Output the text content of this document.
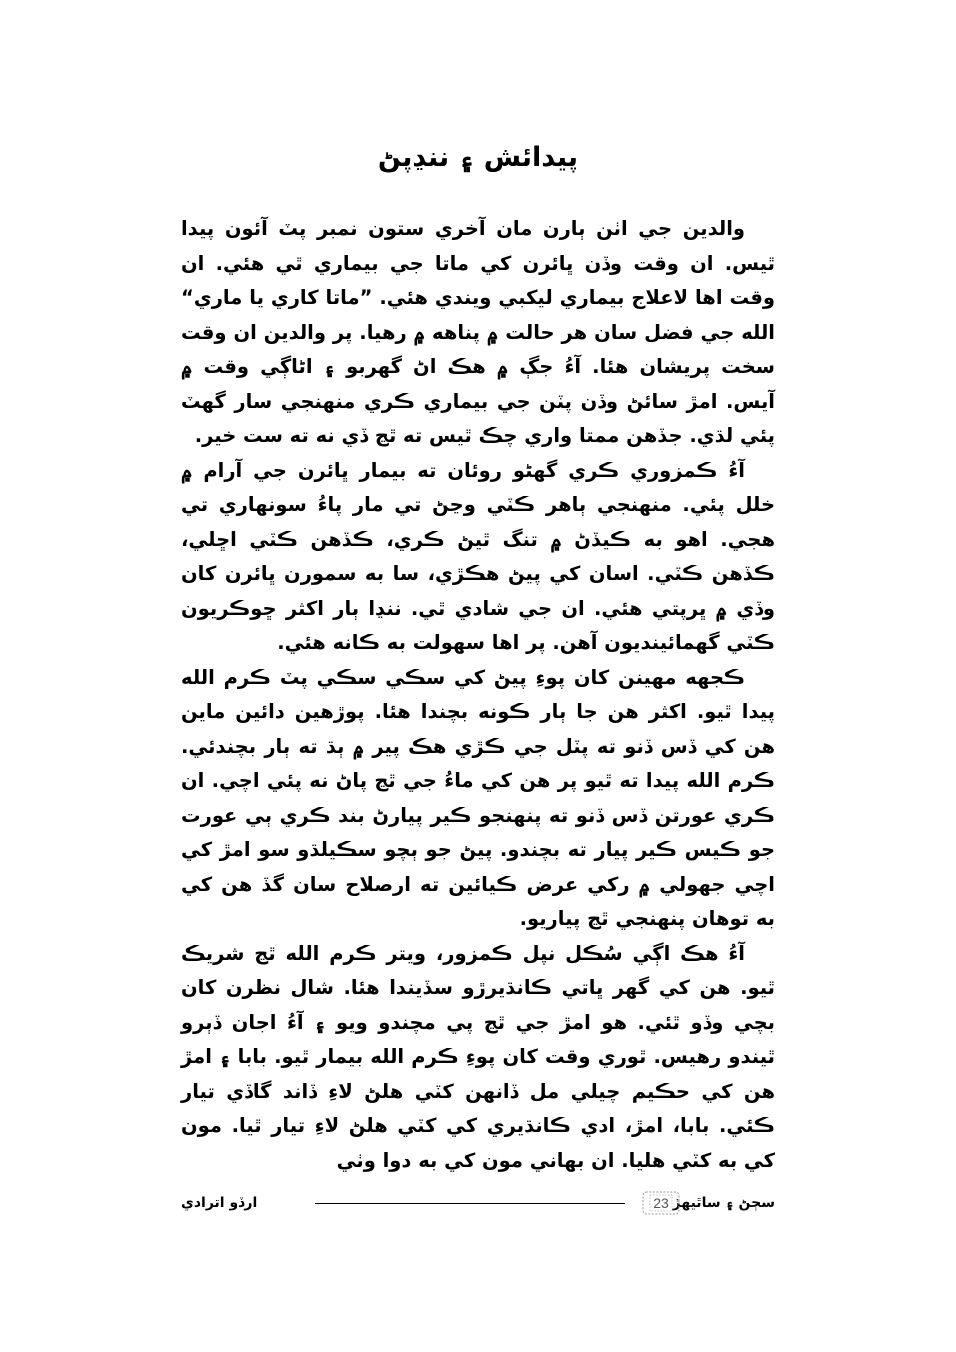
پيدائش ۽ ننڍپڻ

والدين جي اٺن ٻارن مان آخري ستون نمبر پٽ آئون پيدا ٿيس. ان وقت وڏن ڀائرن کي ماتا جي بيماري ٿي هئي. ان وقت اها لاعلاج بيماري ليکبي ويندي هئي. ”ماتا کاري يا ماري“ الله جي فضل سان هر حالت ۾ پناهه ۾ رهيا. پر والدين ان وقت سخت پريشان هئا. آءُ جڳ ۾ هڪ اڻ گهربو ۽ اڻاڳي وقت ۾ آيس. امڙ سائڻ وڏن پٽن جي بيماري ڪري منهنجي سار گهٽ پئي لڌي. جڏهن ممتا واري چڪ ٿيس ته ٿڃ ڏي نه ته ست خير.

آءُ ڪمزوري ڪري گهڻو روئان ته بيمار ڀائرن جي آرام ۾ خلل پئي. منهنجي ٻاهر ڪٽي وڃڻ تي مار پاءُ سونهاري تي هجي. اهو به ڪيڏڻ ۾ تنگ ٿيڻ ڪري، ڪڏهن ڪٽي اڇلي، ڪڏهن ڪٽي. اسان کي پيڻ هڪڙي، سا به سمورن ڀائرن کان وڏي ۾ ڀرپتي هئي. ان جي شادي ٿي. ننڍا ٻار اکثر ڇوڪريون ڪٽي گهمائينديون آهن. پر اها سهولت به ڪانه هئي.

ڪجهه مهينن کان پوءِ پيڻ کي سڪي سڪي پٽ ڪرم الله پيدا ٿيو. اکثر هن جا ٻار ڪونه بچندا هئا. پوڙهين دائين ماين هن کي ڏس ڏنو ته پٽل جي ڪڙي هڪ پير ۾ ٻڌ ته ٻار بچندئي. ڪرم الله پيدا ته ٿيو پر هن کي ماءُ جي ٿڃ پاڻ نه پئي اچي. ان ڪري عورتن ڏس ڏنو ته پنهنجو ڪير پيارڻ بند ڪري ٻي عورت جو ڪيس ڪير پيار ته بچندو. پيڻ جو ٻچو سڪيلڌو سو امڙ کي اچي جهولي ۾ رکي عرض ڪيائين ته ارصلاح سان گڏ هن کي به توهان پنهنجي ٿڃ پياريو.

آءُ هڪ اڳي سُڪل نپل ڪمزور، ويتر ڪرم الله ٿڃ شريڪ ٿيو. هن کي گهر ڀاتي ڪانڌيرڙو سڏيندا هئا. شال نظرن کان بچي وڏو ٿئي. هو امڙ جي ٿڃ پي مچندو ويو ۽ آءُ اجان ڏٻرو ٿيندو رهيس. ٿوري وقت کان پوءِ ڪرم الله بيمار ٿيو. بابا ۽ امڙ هن کي حڪيم چيلي مل ڏانهن کٽي هلڻ لاءِ ڏاند گاڏي تيار ڪئي. بابا، امڙ، ادي ڪانڌيري کي کٽي هلڻ لاءِ تيار ٿيا. مون کي به کٽي هليا. ان بهاني مون کي به دوا وٺي

سڄڻ ۽ ساٿيهڙ
23
ارڏو اترادي
